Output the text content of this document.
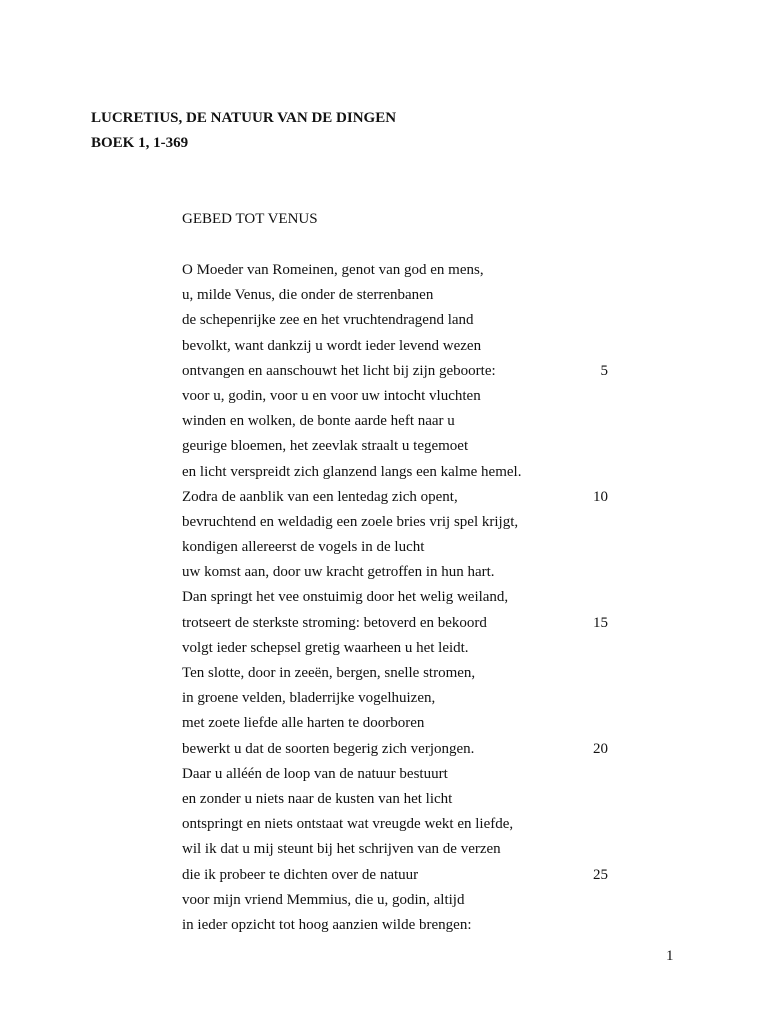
LUCRETIUS, DE NATUUR VAN DE DINGEN
BOEK 1, 1-369
GEBED TOT VENUS
O Moeder van Romeinen, genot van god en mens,
u, milde Venus, die onder de sterrenbanen
de schepenrijke zee en het vruchtendragend land
bevolkt, want dankzij u wordt ieder levend wezen
ontvangen en aanschouwt het licht bij zijn geboorte:	5
voor u, godin, voor u en voor uw intocht vluchten
winden en wolken, de bonte aarde heft naar u
geurige bloemen, het zeevlak straalt u tegemoet
en licht verspreidt zich glanzend langs een kalme hemel.
Zodra de aanblik van een lentedag zich opent,	10
bevruchtend en weldadig een zoele bries vrij spel krijgt,
kondigen allereerst de vogels in de lucht
uw komst aan, door uw kracht getroffen in hun hart.
Dan springt het vee onstuimig door het welig weiland,
trotseert de sterkste stroming: betoverd en bekoord	15
volgt ieder schepsel gretig waarheen u het leidt.
Ten slotte, door in zeeën, bergen, snelle stromen,
in groene velden, bladerrijke vogelhuizen,
met zoete liefde alle harten te doorboren
bewerkt u dat de soorten begerig zich verjongen.	20
Daar u alléén de loop van de natuur bestuurt
en zonder u niets naar de kusten van het licht
ontspringt en niets ontstaat wat vreugde wekt en liefde,
wil ik dat u mij steunt bij het schrijven van de verzen
die ik probeer te dichten over de natuur	25
voor mijn vriend Memmius, die u, godin, altijd
in ieder opzicht tot hoog aanzien wilde brengen:
1
